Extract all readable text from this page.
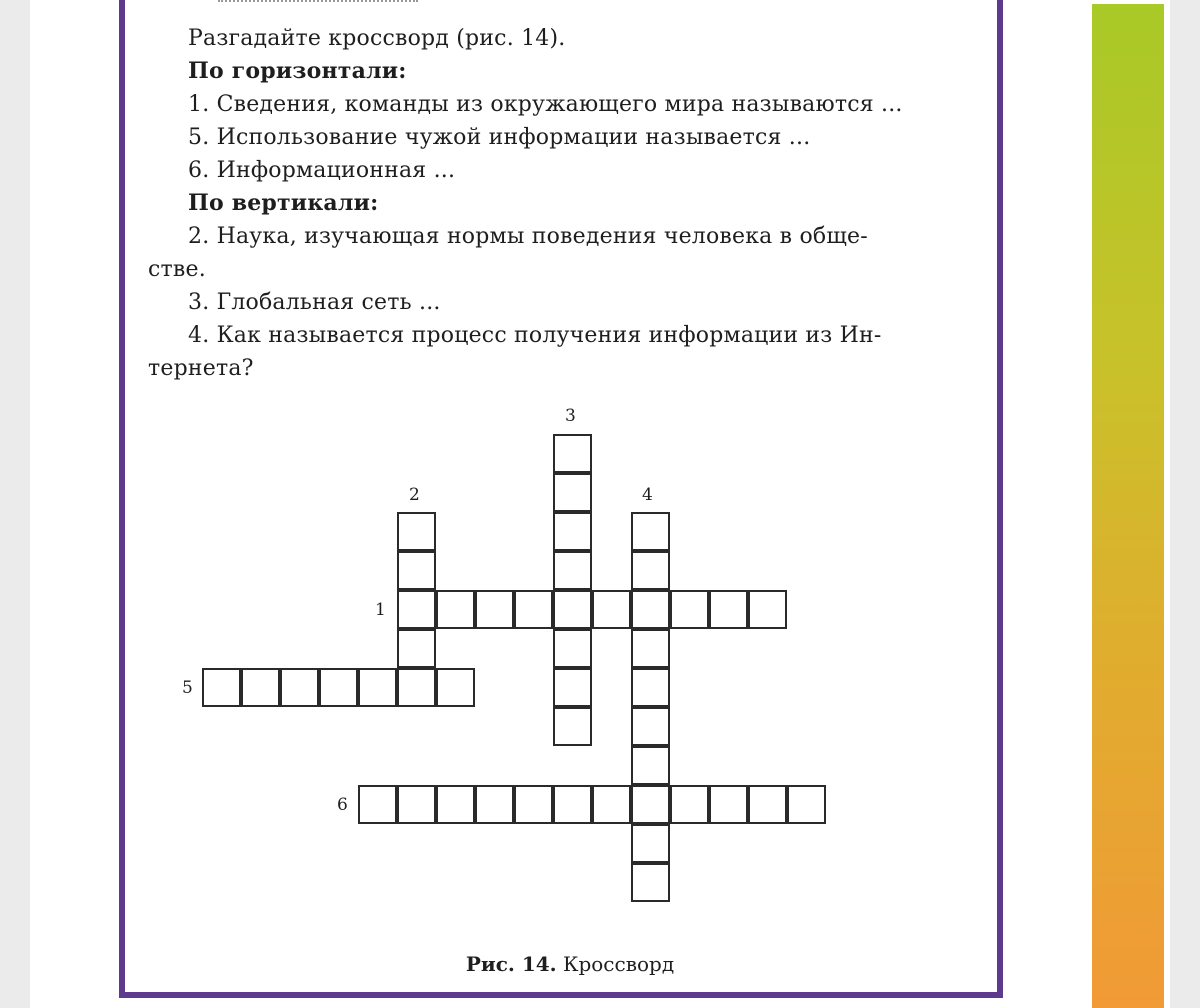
Разгадайте кроссворд (рис. 14).
По горизонтали:
1. Сведения, команды из окружающего мира называются ...
5. Использование чужой информации называется ...
6. Информационная ...
По вертикали:
2. Наука, изучающая нормы поведения человека в обще-
стве.
3. Глобальная сеть ...
4. Как называется процесс получения информации из Ин-
тернета?
3
2	4
1
5
6
Рис. 14. Кроссворд
